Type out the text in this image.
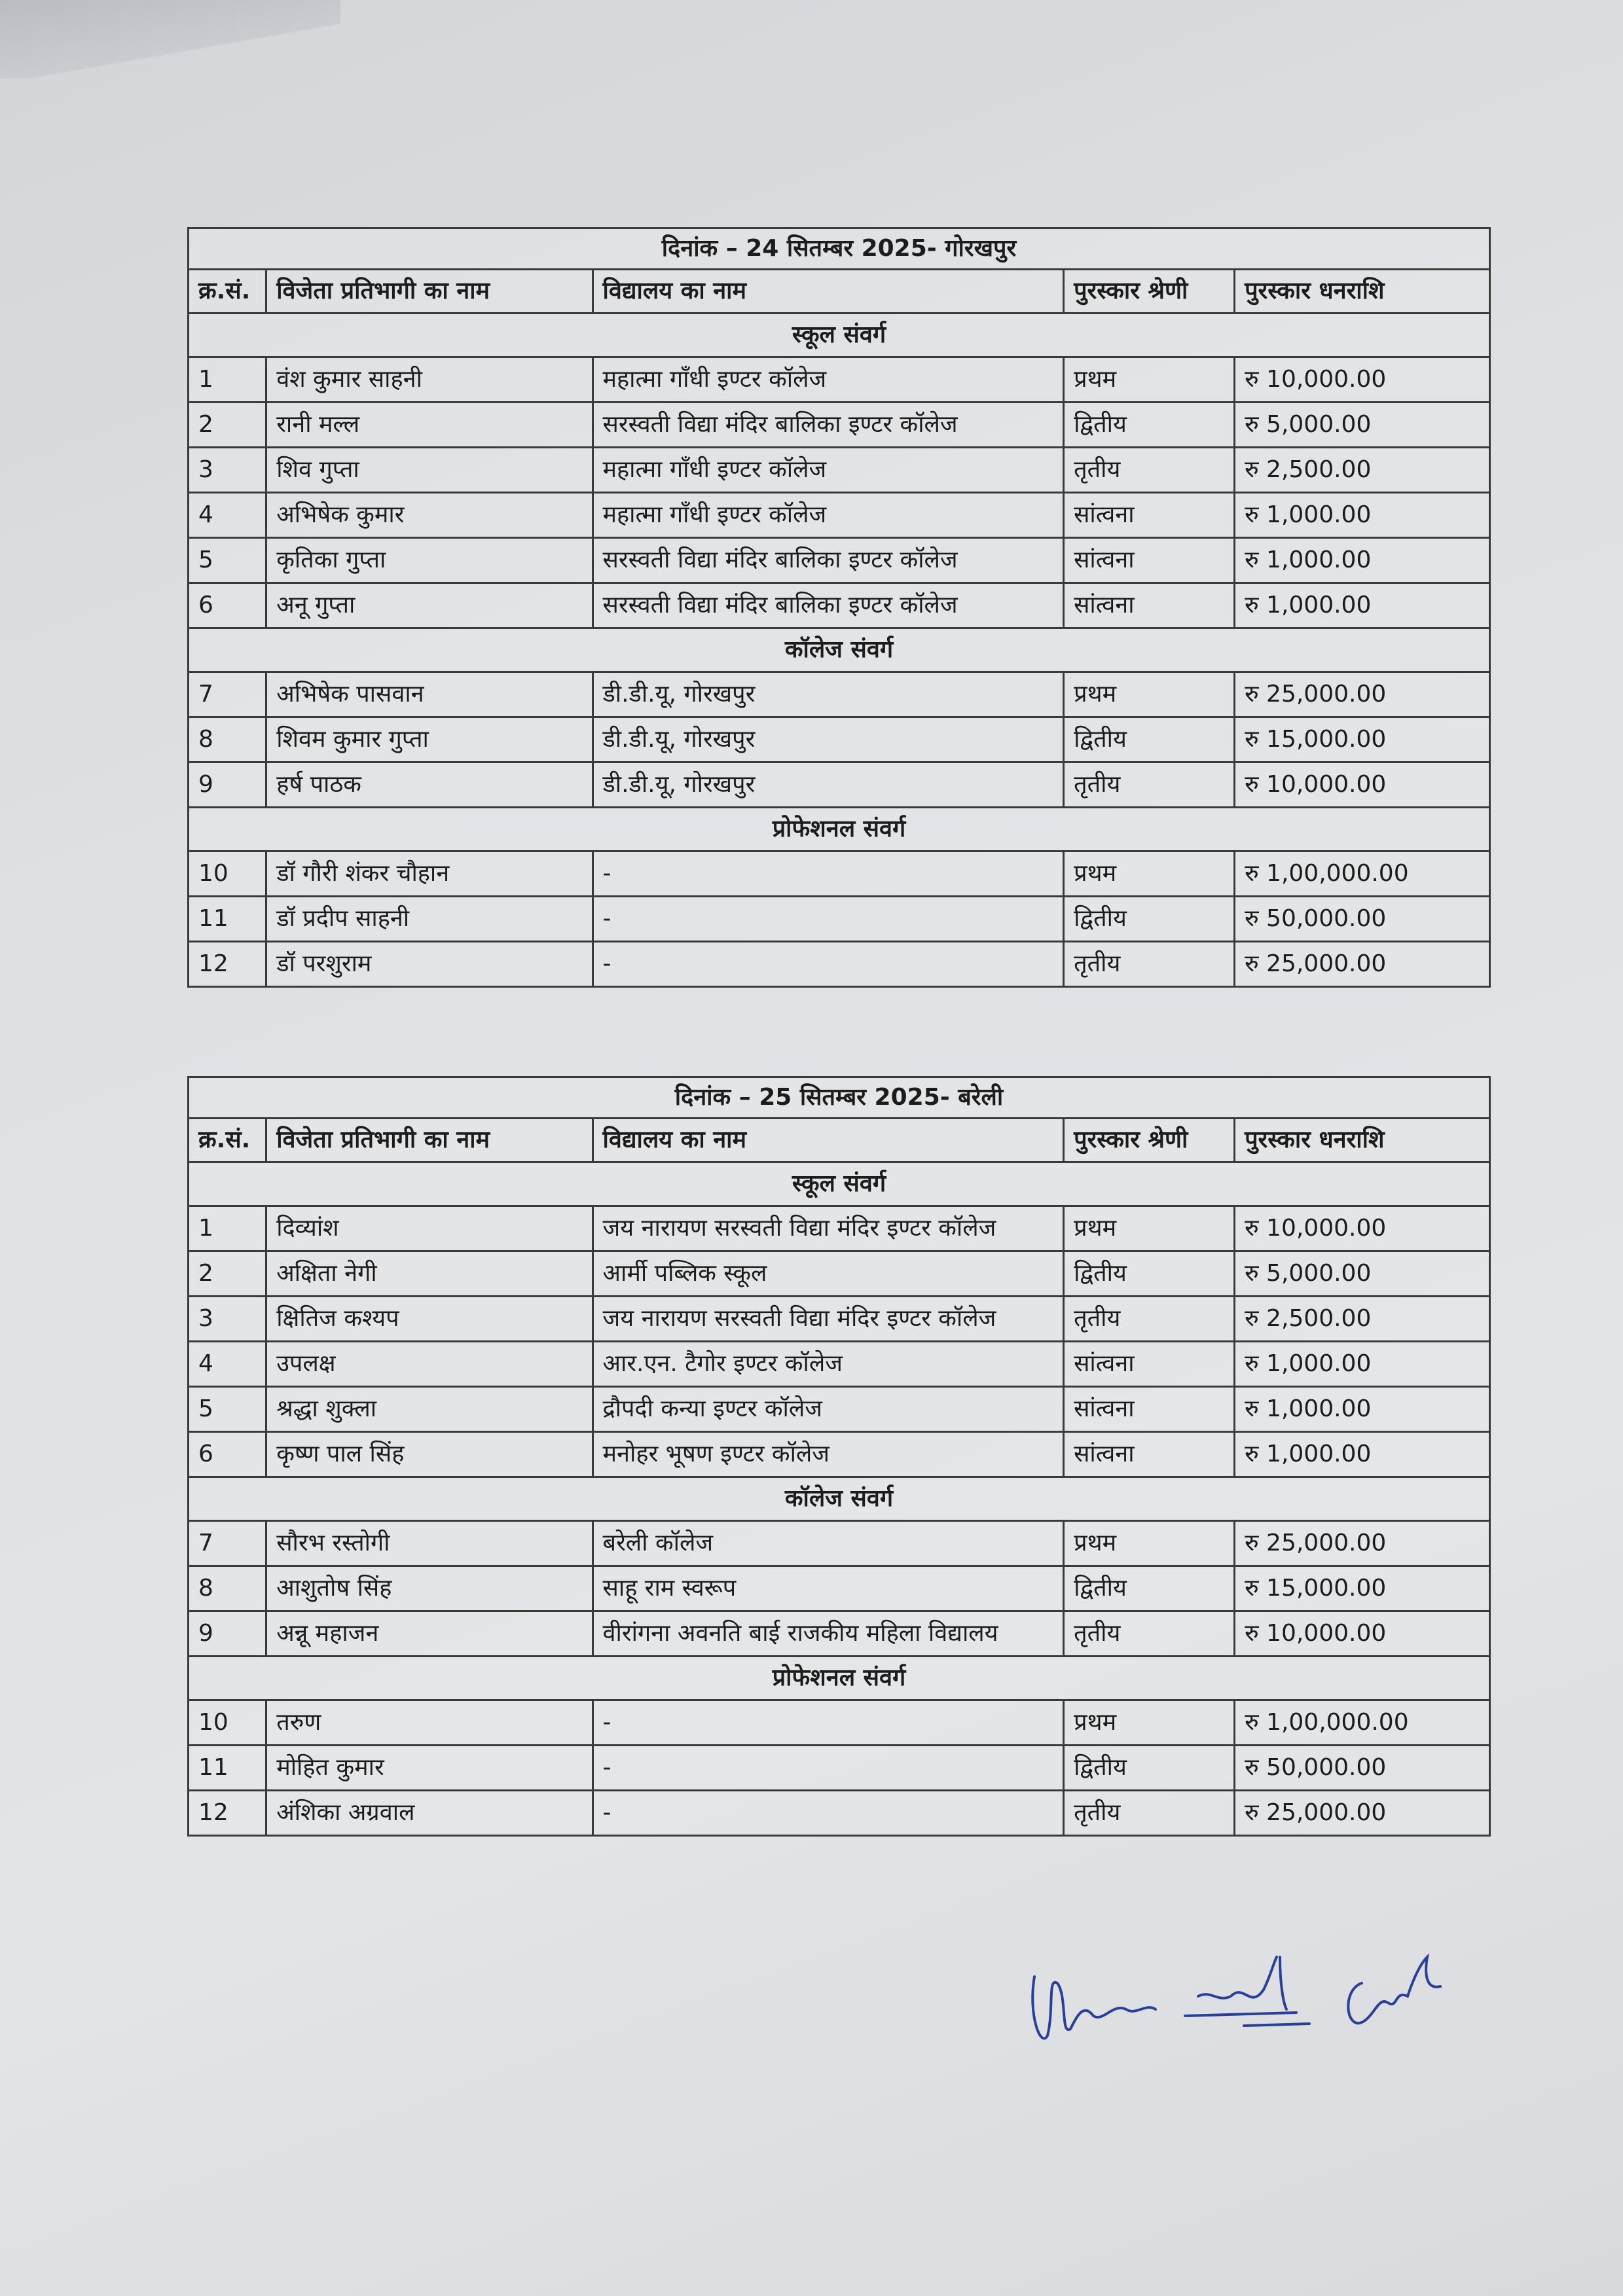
दिनांक – 24 सितम्बर 2025- गोरखपुर				
क्र.सं.	विजेता प्रतिभागी का नाम	विद्यालय का नाम	पुरस्कार श्रेणी	पुरस्कार धनराशि
स्कूल संवर्ग				
1	वंश कुमार साहनी	महात्मा गाँधी इण्टर कॉलेज	प्रथम	रु 10,000.00
2	रानी मल्ल	सरस्वती विद्या मंदिर बालिका इण्टर कॉलेज	द्वितीय	रु 5,000.00
3	शिव गुप्ता	महात्मा गाँधी इण्टर कॉलेज	तृतीय	रु 2,500.00
4	अभिषेक कुमार	महात्मा गाँधी इण्टर कॉलेज	सांत्वना	रु 1,000.00
5	कृतिका गुप्ता	सरस्वती विद्या मंदिर बालिका इण्टर कॉलेज	सांत्वना	रु 1,000.00
6	अनू गुप्ता	सरस्वती विद्या मंदिर बालिका इण्टर कॉलेज	सांत्वना	रु 1,000.00
कॉलेज संवर्ग				
7	अभिषेक पासवान	डी.डी.यू, गोरखपुर	प्रथम	रु 25,000.00
8	शिवम कुमार गुप्ता	डी.डी.यू, गोरखपुर	द्वितीय	रु 15,000.00
9	हर्ष पाठक	डी.डी.यू, गोरखपुर	तृतीय	रु 10,000.00
प्रोफेशनल संवर्ग				
10	डॉ गौरी शंकर चौहान	-	प्रथम	रु 1,00,000.00
11	डॉ प्रदीप साहनी	-	द्वितीय	रु 50,000.00
12	डॉ परशुराम	-	तृतीय	रु 25,000.00
दिनांक – 25 सितम्बर 2025- बरेली				
क्र.सं.	विजेता प्रतिभागी का नाम	विद्यालय का नाम	पुरस्कार श्रेणी	पुरस्कार धनराशि
स्कूल संवर्ग				
1	दिव्यांश	जय नारायण सरस्वती विद्या मंदिर इण्टर कॉलेज	प्रथम	रु 10,000.00
2	अक्षिता नेगी	आर्मी पब्लिक स्कूल	द्वितीय	रु 5,000.00
3	क्षितिज कश्यप	जय नारायण सरस्वती विद्या मंदिर इण्टर कॉलेज	तृतीय	रु 2,500.00
4	उपलक्ष	आर.एन. टैगोर इण्टर कॉलेज	सांत्वना	रु 1,000.00
5	श्रद्धा शुक्ला	द्रौपदी कन्या इण्टर कॉलेज	सांत्वना	रु 1,000.00
6	कृष्ण पाल सिंह	मनोहर भूषण इण्टर कॉलेज	सांत्वना	रु 1,000.00
कॉलेज संवर्ग				
7	सौरभ रस्तोगी	बरेली कॉलेज	प्रथम	रु 25,000.00
8	आशुतोष सिंह	साहू राम स्वरूप	द्वितीय	रु 15,000.00
9	अन्नू महाजन	वीरांगना अवनति बाई राजकीय महिला विद्यालय	तृतीय	रु 10,000.00
प्रोफेशनल संवर्ग				
10	तरुण	-	प्रथम	रु 1,00,000.00
11	मोहित कुमार	-	द्वितीय	रु 50,000.00
12	अंशिका अग्रवाल	-	तृतीय	रु 25,000.00
